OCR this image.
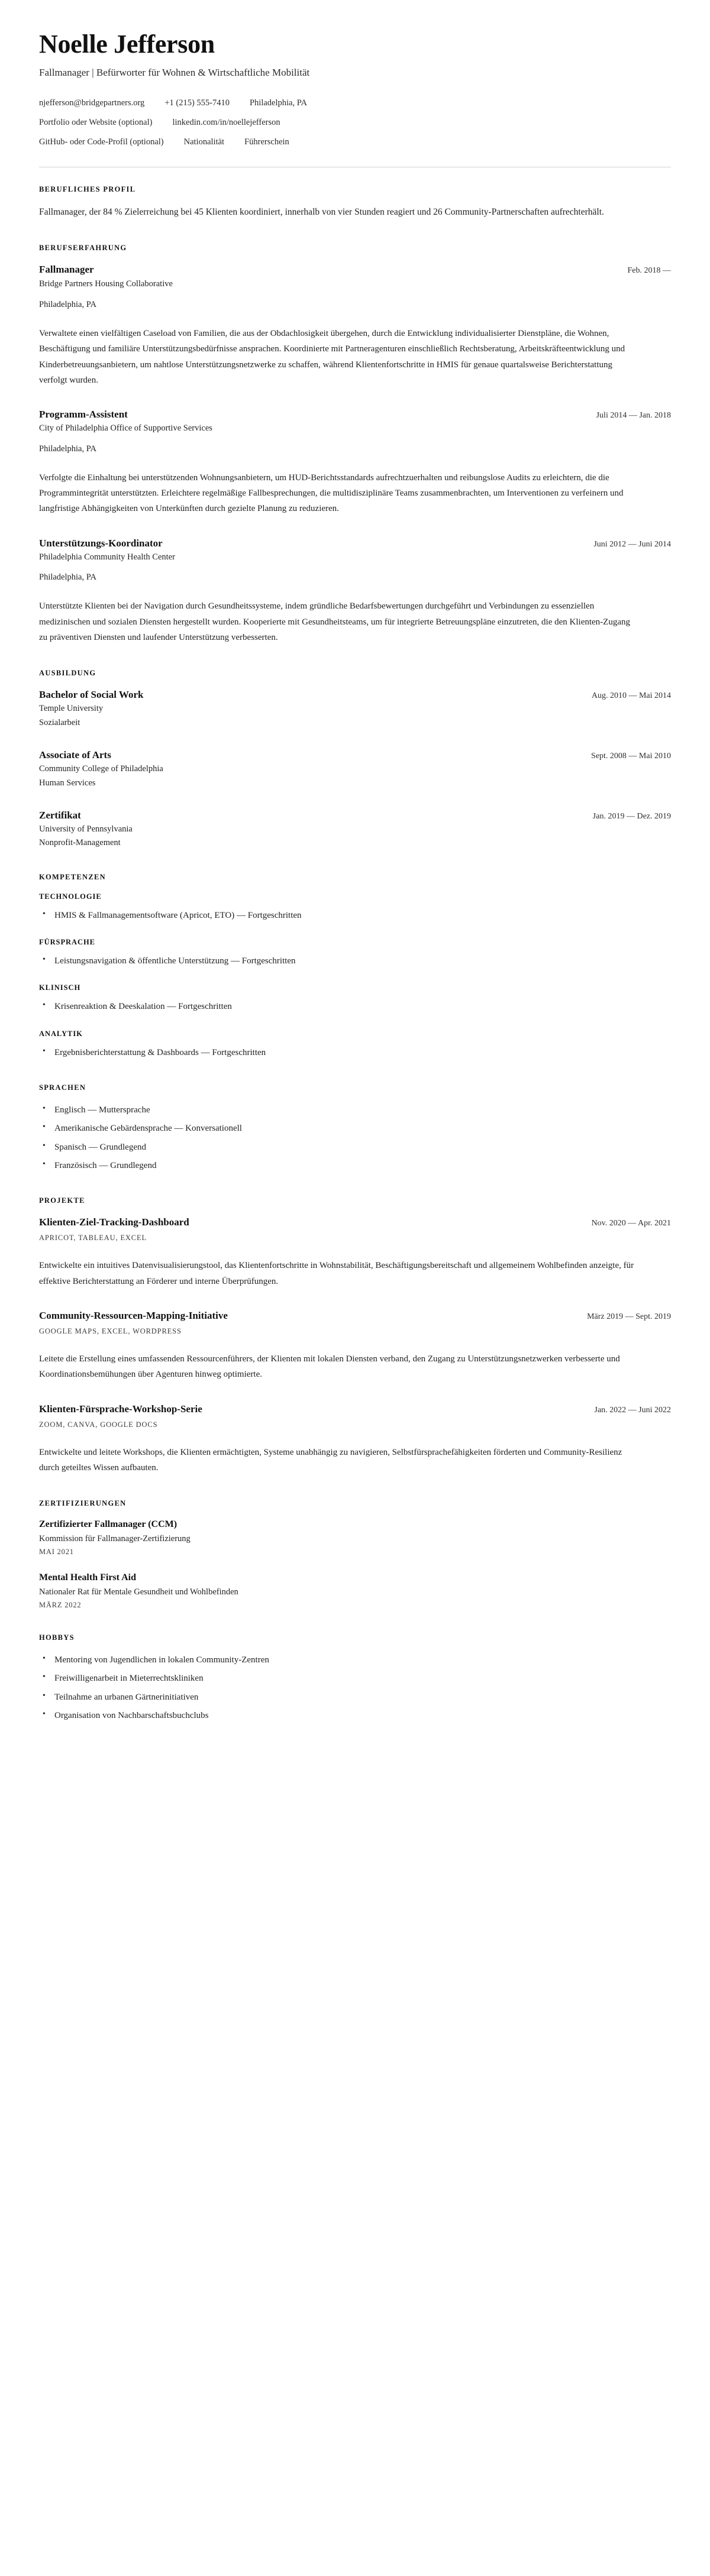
Noelle Jefferson

Fallmanager | Befürworter für Wohnen & Wirtschaftliche Mobilität

njefferson@bridgepartners.org +1 (215) 555-7410 Philadelphia, PA
Portfolio oder Website (optional) linkedin.com/in/noellejefferson
GitHub- oder Code-Profil (optional) Nationalität Führerschein
BERUFLICHES PROFIL

Fallmanager, der 84 % Zielerreichung bei 45 Klienten koordiniert, innerhalb von vier Stunden reagiert und 26 Community-Partnerschaften aufrechterhält.

BERUFSERFAHRUNG
Fallmanager	Feb. 2018 —

Bridge Partners Housing Collaborative

Philadelphia, PA

Verwaltete einen vielfältigen Caseload von Familien, die aus der Obdachlosigkeit übergehen, durch die Entwicklung individualisierter Dienstpläne, die Wohnen, Beschäftigung und familiäre Unterstützungsbedürfnisse ansprachen. Koordinierte mit Partneragenturen einschließlich Rechtsberatung, Arbeitskräfteentwicklung und Kinderbetreuungsanbietern, um nahtlose Unterstützungsnetzwerke zu schaffen, während Klientenfortschritte in HMIS für genaue quartalsweise Berichterstattung verfolgt wurden.

Programm-Assistent	Juli 2014 — Jan. 2018

City of Philadelphia Office of Supportive Services

Philadelphia, PA

Verfolgte die Einhaltung bei unterstützenden Wohnungsanbietern, um HUD-Berichtsstandards aufrechtzuerhalten und reibungslose Audits zu erleichtern, die die Programmintegrität unterstützten. Erleichtere regelmäßige Fallbesprechungen, die multidisziplinäre Teams zusammenbrachten, um Interventionen zu verfeinern und langfristige Abhängigkeiten von Unterkünften durch gezielte Planung zu reduzieren.

Unterstützungs-Koordinator	Juni 2012 — Juni 2014

Philadelphia Community Health Center

Philadelphia, PA

Unterstützte Klienten bei der Navigation durch Gesundheitssysteme, indem gründliche Bedarfsbewertungen durchgeführt und Verbindungen zu essenziellen medizinischen und sozialen Diensten hergestellt wurden. Kooperierte mit Gesundheitsteams, um für integrierte Betreuungspläne einzutreten, die den Klienten-Zugang zu präventiven Diensten und laufender Unterstützung verbesserten.

AUSBILDUNG
Bachelor of Social Work	Aug. 2010 — Mai 2014

Temple University

Sozialarbeit

Associate of Arts	Sept. 2008 — Mai 2010

Community College of Philadelphia

Human Services

Zertifikat	Jan. 2019 — Dez. 2019

University of Pennsylvania

Nonprofit-Management

KOMPETENZEN
TECHNOLOGIE
• HMIS & Fallmanagementsoftware (Apricot, ETO) — Fortgeschritten
FÜRSPRACHE
• Leistungsnavigation & öffentliche Unterstützung — Fortgeschritten
KLINISCH
• Krisenreaktion & Deeskalation — Fortgeschritten
ANALYTIK
• Ergebnisberichterstattung & Dashboards — Fortgeschritten
SPRACHEN
• Englisch — Muttersprache
• Amerikanische Gebärdensprache — Konversationell
• Spanisch — Grundlegend
• Französisch — Grundlegend
PROJEKTE
Klienten-Ziel-Tracking-Dashboard	Nov. 2020 — Apr. 2021

APRICOT, TABLEAU, EXCEL

Entwickelte ein intuitives Datenvisualisierungstool, das Klientenfortschritte in Wohnstabilität, Beschäftigungsbereitschaft und allgemeinem Wohlbefinden anzeigte, für effektive Berichterstattung an Förderer und interne Überprüfungen.

Community-Ressourcen-Mapping-Initiative	März 2019 — Sept. 2019

GOOGLE MAPS, EXCEL, WORDPRESS

Leitete die Erstellung eines umfassenden Ressourcenführers, der Klienten mit lokalen Diensten verband, den Zugang zu Unterstützungsnetzwerken verbesserte und Koordinationsbemühungen über Agenturen hinweg optimierte.

Klienten-Fürsprache-Workshop-Serie	Jan. 2022 — Juni 2022

ZOOM, CANVA, GOOGLE DOCS

Entwickelte und leitete Workshops, die Klienten ermächtigten, Systeme unabhängig zu navigieren, Selbstfürsprachefähigkeiten förderten und Community-Resilienz durch geteiltes Wissen aufbauten.

ZERTIFIZIERUNGEN
Zertifizierter Fallmanager (CCM)

Kommission für Fallmanager-Zertifizierung

MAI 2021

Mental Health First Aid

Nationaler Rat für Mentale Gesundheit und Wohlbefinden

MÄRZ 2022

HOBBYS
• Mentoring von Jugendlichen in lokalen Community-Zentren
• Freiwilligenarbeit in Mieterrechtskliniken
• Teilnahme an urbanen Gärtnerinitiativen
• Organisation von Nachbarschaftsbuchclubs
